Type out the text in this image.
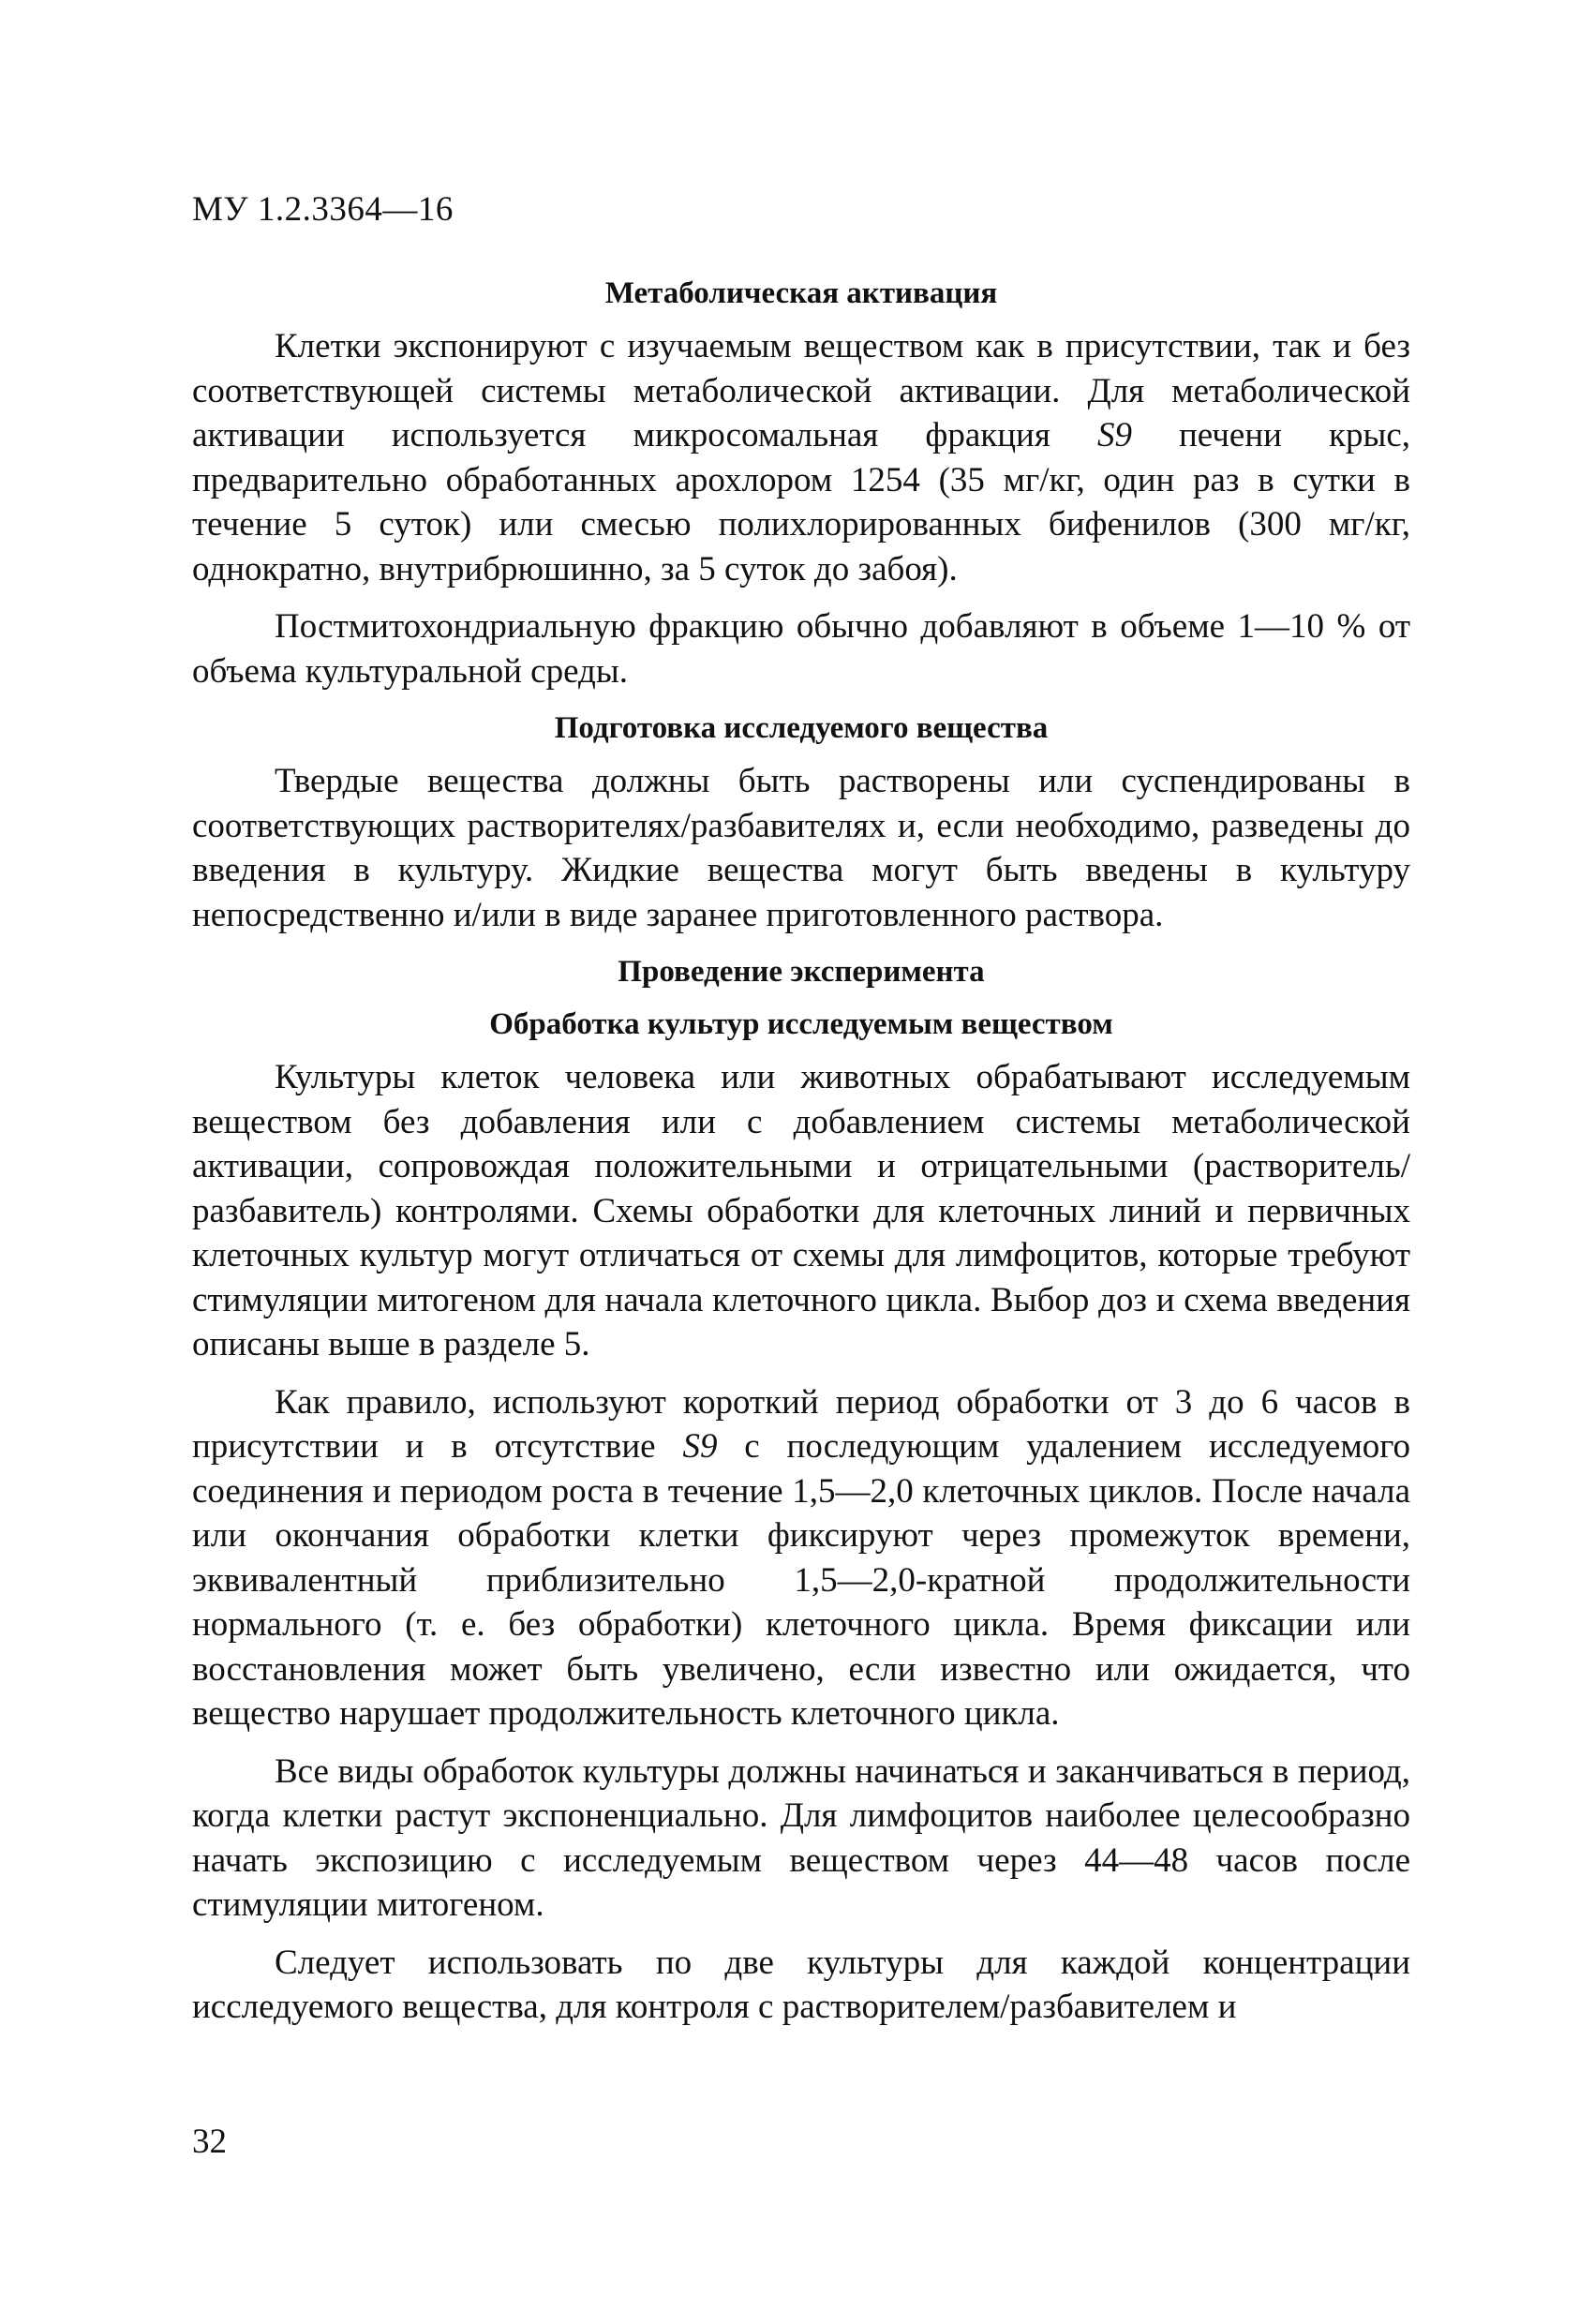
МУ 1.2.3364—16
Метаболическая активация

Клетки экспонируют с изучаемым веществом как в присутствии, так и без соответствующей системы метаболической активации. Для метаболической активации используется микросомальная фракция S9 печени крыс, предварительно обработанных арохлором 1254 (35 мг/кг, один раз в сутки в течение 5 суток) или смесью полихлорированных бифенилов (300 мг/кг, однократно, внутрибрюшинно, за 5 суток до забоя).

Постмитохондриальную фракцию обычно добавляют в объеме 1—10 % от объема культуральной среды.

Подготовка исследуемого вещества

Твердые вещества должны быть растворены или суспендированы в соответствующих растворителях/разбавителях и, если необходимо, разведены до введения в культуру. Жидкие вещества могут быть введены в культуру непосредственно и/или в виде заранее приготовленного раствора.

Проведение эксперимента
Обработка культур исследуемым веществом

Культуры клеток человека или животных обрабатывают исследуемым веществом без добавления или с добавлением системы метаболической активации, сопровождая положительными и отрицательными (растворитель/разбавитель) контролями. Схемы обработки для клеточных линий и первичных клеточных культур могут отличаться от схемы для лимфоцитов, которые требуют стимуляции митогеном для начала клеточного цикла. Выбор доз и схема введения описаны выше в разделе 5.

Как правило, используют короткий период обработки от 3 до 6 часов в присутствии и в отсутствие S9 с последующим удалением исследуемого соединения и периодом роста в течение 1,5—2,0 клеточных циклов. После начала или окончания обработки клетки фиксируют через промежуток времени, эквивалентный приблизительно 1,5—2,0-кратной продолжительности нормального (т. е. без обработки) клеточного цикла. Время фиксации или восстановления может быть увеличено, если известно или ожидается, что вещество нарушает продолжительность клеточного цикла.

Все виды обработок культуры должны начинаться и заканчиваться в период, когда клетки растут экспоненциально. Для лимфоцитов наиболее целесообразно начать экспозицию с исследуемым веществом через 44—48 часов после стимуляции митогеном.

Следует использовать по две культуры для каждой концентрации исследуемого вещества, для контроля с растворителем/разбавителем и

32
